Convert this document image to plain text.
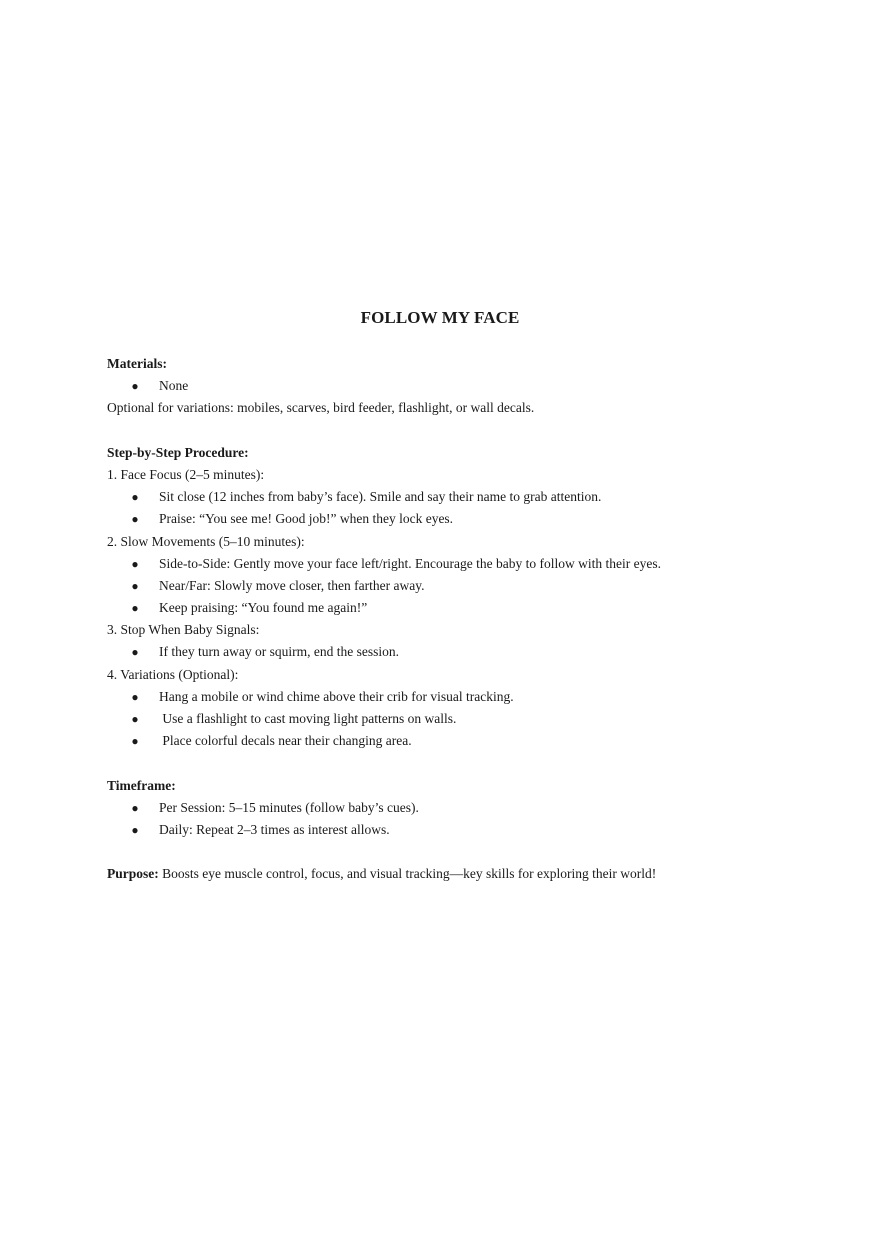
FOLLOW MY FACE
Materials:
● None
Optional for variations: mobiles, scarves, bird feeder, flashlight, or wall decals.
Step-by-Step Procedure:
1. Face Focus (2–5 minutes):
● Sit close (12 inches from baby’s face). Smile and say their name to grab attention.
● Praise: “You see me! Good job!” when they lock eyes.
2. Slow Movements (5–10 minutes):
● Side-to-Side: Gently move your face left/right. Encourage the baby to follow with their eyes.
● Near/Far: Slowly move closer, then farther away.
● Keep praising: “You found me again!”
3. Stop When Baby Signals:
● If they turn away or squirm, end the session.
4. Variations (Optional):
● Hang a mobile or wind chime above their crib for visual tracking.
● Use a flashlight to cast moving light patterns on walls.
● Place colorful decals near their changing area.
Timeframe:
● Per Session: 5–15 minutes (follow baby’s cues).
● Daily: Repeat 2–3 times as interest allows.
Purpose: Boosts eye muscle control, focus, and visual tracking—key skills for exploring their world!
